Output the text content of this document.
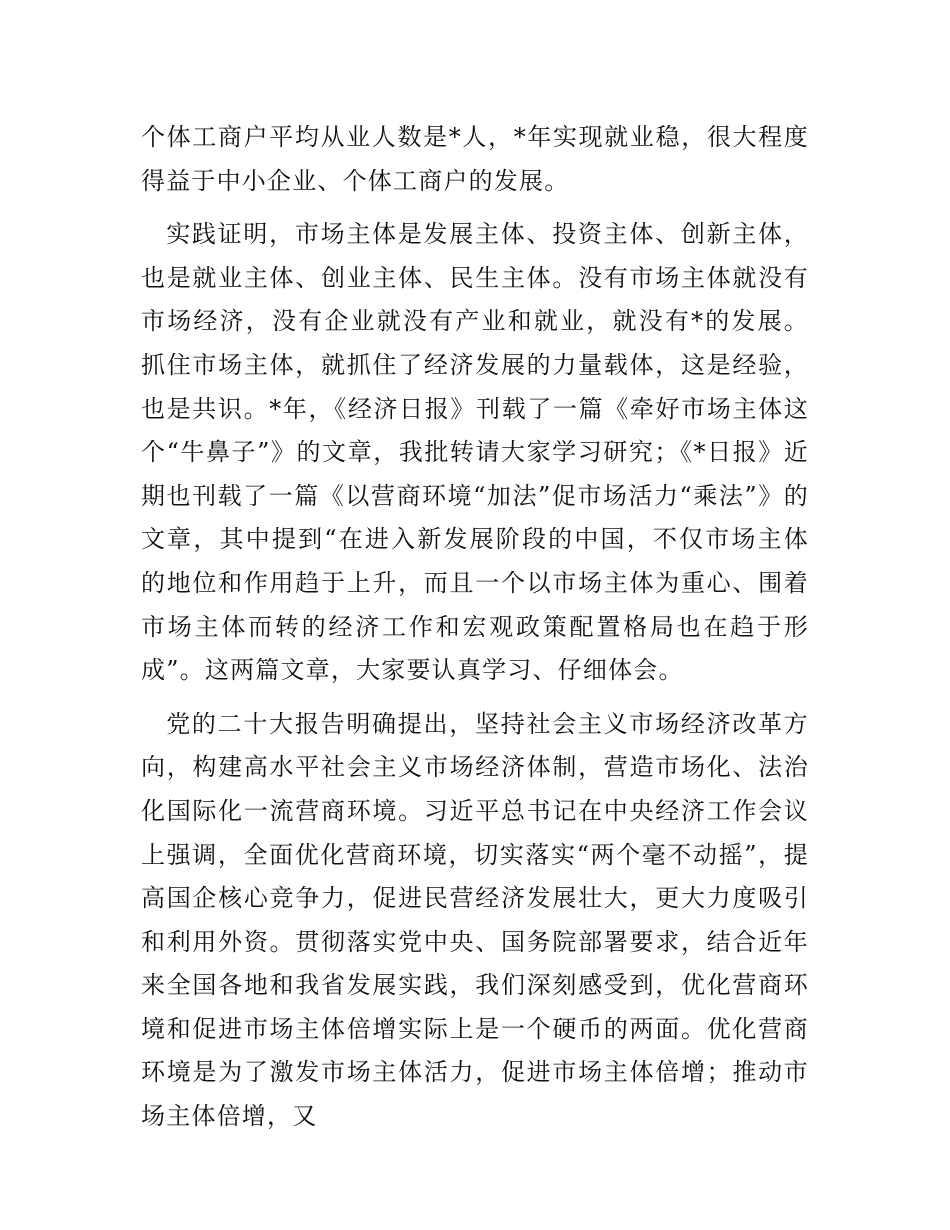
个体工商户平均从业人数是*人，*年实现就业稳，很大程度得益于中小企业、个体工商户的发展。

实践证明，市场主体是发展主体、投资主体、创新主体，也是就业主体、创业主体、民生主体。没有市场主体就没有市场经济，没有企业就没有产业和就业，就没有*的发展。抓住市场主体，就抓住了经济发展的力量载体，这是经验，也是共识。*年，《经济日报》刊载了一篇《牵好市场主体这个“牛鼻子”》的文章，我批转请大家学习研究；《*日报》近期也刊载了一篇《以营商环境“加法”促市场活力“乘法”》的文章，其中提到“在进入新发展阶段的中国，不仅市场主体的地位和作用趋于上升，而且一个以市场主体为重心、围着市场主体而转的经济工作和宏观政策配置格局也在趋于形成”。这两篇文章，大家要认真学习、仔细体会。

党的二十大报告明确提出，坚持社会主义市场经济改革方向，构建高水平社会主义市场经济体制，营造市场化、法治化国际化一流营商环境。习近平总书记在中央经济工作会议上强调，全面优化营商环境，切实落实“两个毫不动摇”，提高国企核心竞争力，促进民营经济发展壮大，更大力度吸引和利用外资。贯彻落实党中央、国务院部署要求，结合近年来全国各地和我省发展实践，我们深刻感受到，优化营商环境和促进市场主体倍增实际上是一个硬币的两面。优化营商环境是为了激发市场主体活力，促进市场主体倍增；推动市场主体倍增，又
